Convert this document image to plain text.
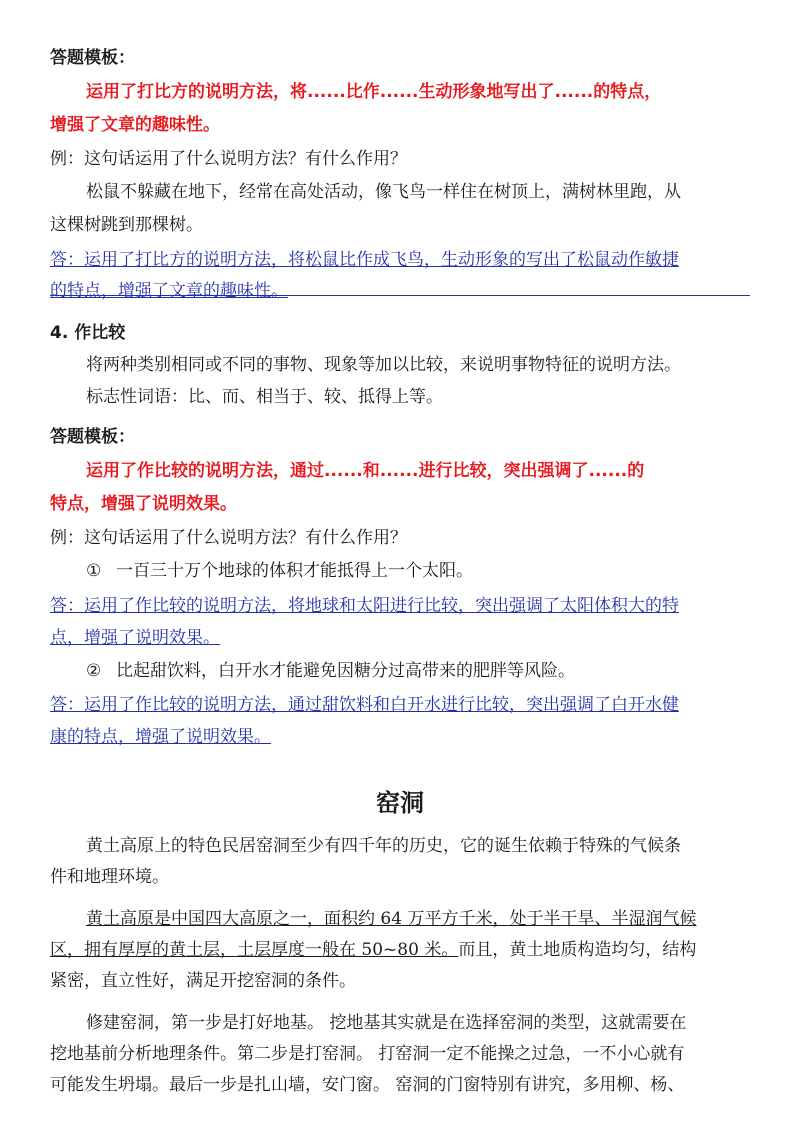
答题模板：
运用了打比方的说明方法，将......比作......生动形象地写出了......的特点，
增强了文章的趣味性。
例：这句话运用了什么说明方法？有什么作用？
松鼠不躲藏在地下，经常在高处活动，像飞鸟一样住在树顶上，满树林里跑，从
这棵树跳到那棵树。
答：运用了打比方的说明方法，将松鼠比作成飞鸟，生动形象的写出了松鼠动作敏捷
的特点，增强了文章的趣味性。
4. 作比较
将两种类别相同或不同的事物、现象等加以比较，来说明事物特征的说明方法。
标志性词语：比、而、相当于、较、抵得上等。
答题模板：
运用了作比较的说明方法，通过......和......进行比较，突出强调了......的
特点，增强了说明效果。
例：这句话运用了什么说明方法？有什么作用？
① 一百三十万个地球的体积才能抵得上一个太阳。
答：运用了作比较的说明方法，将地球和太阳进行比较，突出强调了太阳体积大的特
点，增强了说明效果。
② 比起甜饮料，白开水才能避免因糖分过高带来的肥胖等风险。
答：运用了作比较的说明方法，通过甜饮料和白开水进行比较，突出强调了白开水健
康的特点，增强了说明效果。
窑洞
黄土高原上的特色民居窑洞至少有四千年的历史，它的诞生依赖于特殊的气候条
件和地理环境。
黄土高原是中国四大高原之一，面积约 64 万平方千米，处于半干旱、半湿润气候
区，拥有厚厚的黄土层，土层厚度一般在 50~80 米。而且，黄土地质构造均匀，结构
紧密，直立性好，满足开挖窑洞的条件。
修建窑洞，第一步是打好地基。 挖地基其实就是在选择窑洞的类型，这就需要在
挖地基前分析地理条件。第二步是打窑洞。 打窑洞一定不能操之过急，一不小心就有
可能发生坍塌。最后一步是扎山墙，安门窗。 窑洞的门窗特别有讲究，多用柳、杨、
